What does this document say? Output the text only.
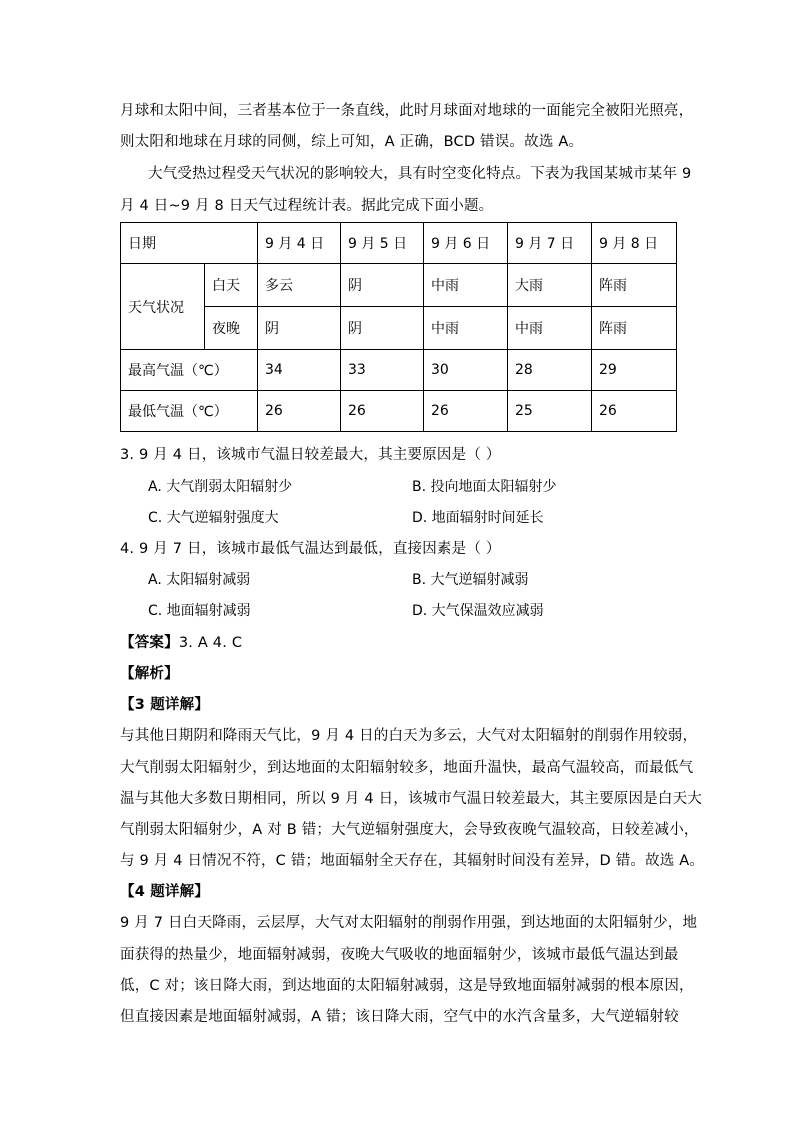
月球和太阳中间，三者基本位于一条直线，此时月球面对地球的一面能完全被阳光照亮，
则太阳和地球在月球的同侧，综上可知，A 正确，BCD 错误。故选 A。
大气受热过程受天气状况的影响较大，具有时空变化特点。下表为我国某城市某年 9
月 4 日~9 月 8 日天气过程统计表。据此完成下面小题。
日期		9 月 4 日	9 月 5 日	9 月 6 日	9 月 7 日	9 月 8 日
天气状况	白天	多云	阴	中雨	大雨	阵雨
	夜晚	阴	阴	中雨	中雨	阵雨
最高气温（℃）		34	33	30	28	29
最低气温（℃）		26	26	26	25	26
3. 9 月 4 日，该城市气温日较差最大，其主要原因是（ ）
A. 大气削弱太阳辐射少	B. 投向地面太阳辐射少
C. 大气逆辐射强度大	D. 地面辐射时间延长
4. 9 月 7 日，该城市最低气温达到最低，直接因素是（ ）
A. 太阳辐射减弱	B. 大气逆辐射减弱
C. 地面辐射减弱	D. 大气保温效应减弱
【答案】3. A 4. C
【解析】
【3 题详解】
与其他日期阴和降雨天气比，9 月 4 日的白天为多云，大气对太阳辐射的削弱作用较弱，
大气削弱太阳辐射少，到达地面的太阳辐射较多，地面升温快，最高气温较高，而最低气
温与其他大多数日期相同，所以 9 月 4 日，该城市气温日较差最大，其主要原因是白天大
气削弱太阳辐射少，A 对 B 错；大气逆辐射强度大，会导致夜晚气温较高，日较差减小，
与 9 月 4 日情况不符，C 错；地面辐射全天存在，其辐射时间没有差异，D 错。故选 A。
【4 题详解】
9 月 7 日白天降雨，云层厚，大气对太阳辐射的削弱作用强，到达地面的太阳辐射少，地
面获得的热量少，地面辐射减弱，夜晚大气吸收的地面辐射少，该城市最低气温达到最
低，C 对；该日降大雨，到达地面的太阳辐射减弱，这是导致地面辐射减弱的根本原因，
但直接因素是地面辐射减弱，A 错；该日降大雨，空气中的水汽含量多，大气逆辐射较
